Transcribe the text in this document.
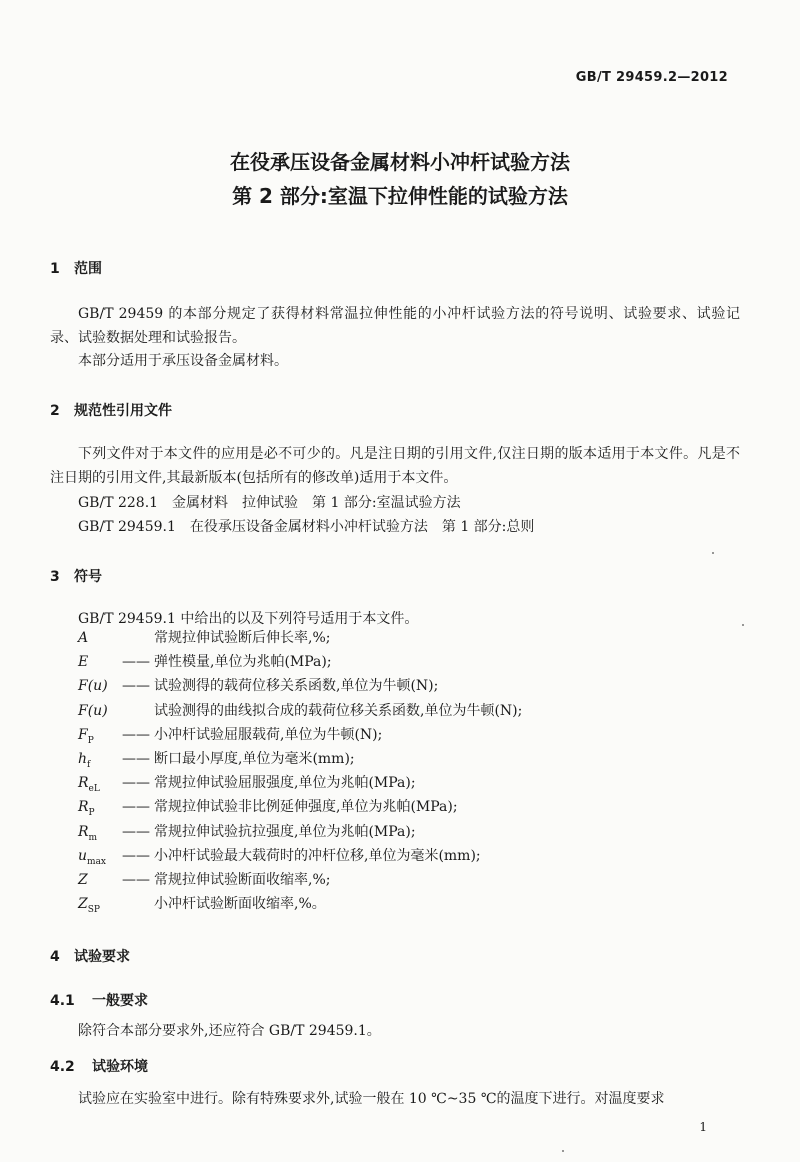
GB/T 29459.2—2012
在役承压设备金属材料小冲杆试验方法
第 2 部分:室温下拉伸性能的试验方法
1 范围
GB/T 29459 的本部分规定了获得材料常温拉伸性能的小冲杆试验方法的符号说明、试验要求、试验记录、试验数据处理和试验报告。
本部分适用于承压设备金属材料。
2 规范性引用文件
下列文件对于本文件的应用是必不可少的。凡是注日期的引用文件,仅注日期的版本适用于本文件。凡是不注日期的引用文件,其最新版本(包括所有的修改单)适用于本文件。
GB/T 228.1　金属材料　拉伸试验　第 1 部分:室温试验方法
GB/T 29459.1　在役承压设备金属材料小冲杆试验方法　第 1 部分:总则
3 符号
GB/T 29459.1 中给出的以及下列符号适用于本文件。
A	常规拉伸试验断后伸长率,%;
E	—— 弹性模量,单位为兆帕(MPa);
F(u)	—— 试验测得的载荷位移关系函数,单位为牛顿(N);
F(u)	试验测得的曲线拟合成的载荷位移关系函数,单位为牛顿(N);
$F_P$	—— 小冲杆试验屈服载荷,单位为牛顿(N);
$h_f$	—— 断口最小厚度,单位为毫米(mm);
$R_{eL}$	—— 常规拉伸试验屈服强度,单位为兆帕(MPa);
$R_P$	—— 常规拉伸试验非比例延伸强度,单位为兆帕(MPa);
$R_m$	—— 常规拉伸试验抗拉强度,单位为兆帕(MPa);
$u_{max}$	—— 小冲杆试验最大载荷时的冲杆位移,单位为毫米(mm);
Z	—— 常规拉伸试验断面收缩率,%;
$Z_{SP}$	小冲杆试验断面收缩率,%。
4 试验要求
4.1 一般要求
除符合本部分要求外,还应符合 GB/T 29459.1。
4.2 试验环境
试验应在实验室中进行。除有特殊要求外,试验一般在 10 ℃~35 ℃的温度下进行。对温度要求
1
